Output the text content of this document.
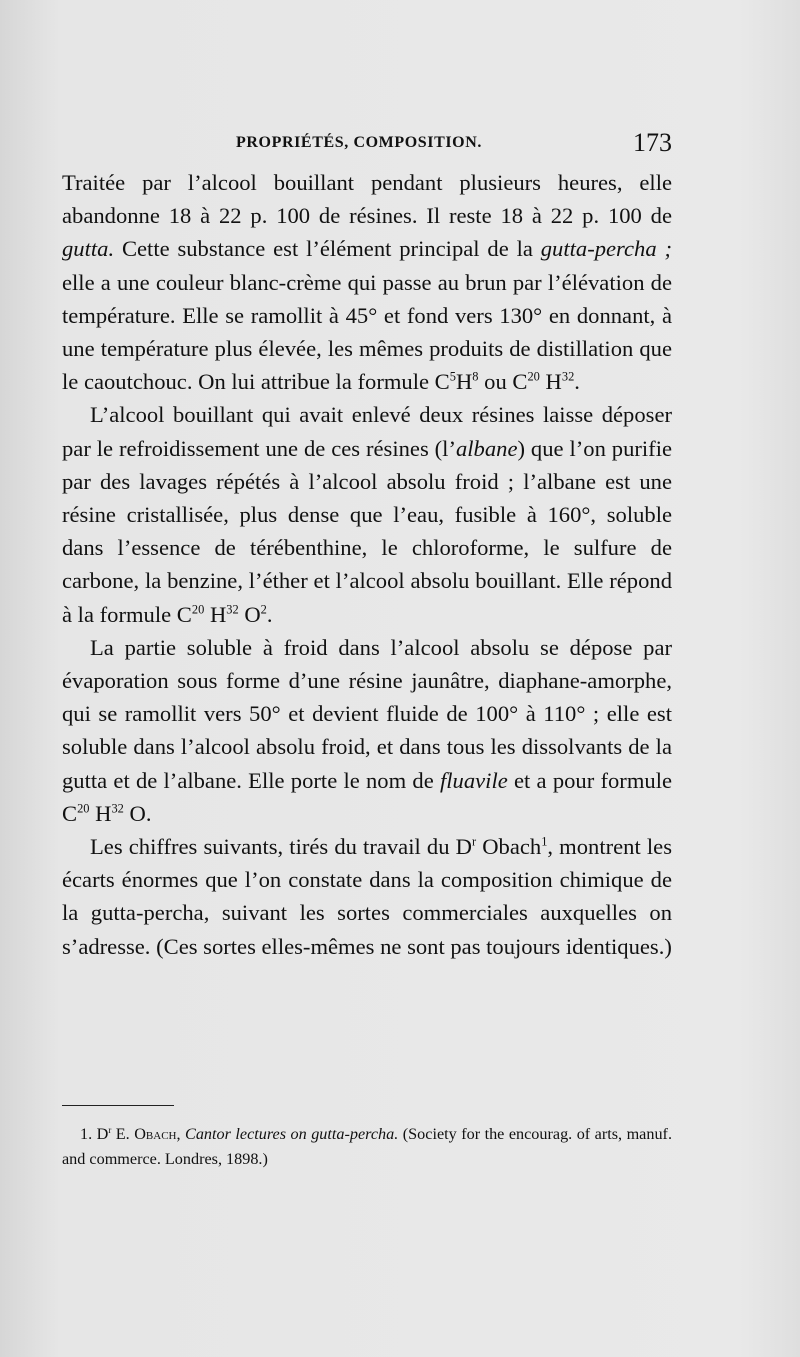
PROPRIÉTÉS, COMPOSITION.	173

Traitée par l’alcool bouillant pendant plusieurs heures, elle abandonne 18 à 22 p. 100 de résines. Il reste 18 à 22 p. 100 de gutta. Cette substance est l’élément principal de la gutta-percha ; elle a une couleur blanc-crème qui passe au brun par l’élévation de température. Elle se ramollit à 45° et fond vers 130° en donnant, à une température plus élevée, les mêmes produits de distillation que le caoutchouc. On lui attribue la formule $C^5H^8$ ou $C^{20}$ $H^{32}$.

L’alcool bouillant qui avait enlevé deux résines laisse déposer par le refroidissement une de ces résines (l’albane) que l’on purifie par des lavages répétés à l’alcool absolu froid ; l’albane est une résine cristallisée, plus dense que l’eau, fusible à 160°, soluble dans l’essence de térébenthine, le chloroforme, le sulfure de carbone, la benzine, l’éther et l’alcool absolu bouillant. Elle répond à la formule $C^{20}$ $H^{32}$ $O^2$.

La partie soluble à froid dans l’alcool absolu se dépose par évaporation sous forme d’une résine jaunâtre, diaphane-amorphe, qui se ramollit vers 50° et devient fluide de 100° à 110° ; elle est soluble dans l’alcool absolu froid, et dans tous les dissolvants de la gutta et de l’albane. Elle porte le nom de fluavile et a pour formule $C^{20}$ $H^{32}$ O.

Les chiffres suivants, tirés du travail du $D^r$ Obach$^1$, montrent les écarts énormes que l’on constate dans la composition chimique de la gutta-percha, suivant les sortes commerciales auxquelles on s’adresse. (Ces sortes elles-mêmes ne sont pas toujours identiques.)

1. $D^r$ E. Obach, Cantor lectures on gutta-percha. (Society for the encourag. of arts, manuf. and commerce. Londres, 1898.)
